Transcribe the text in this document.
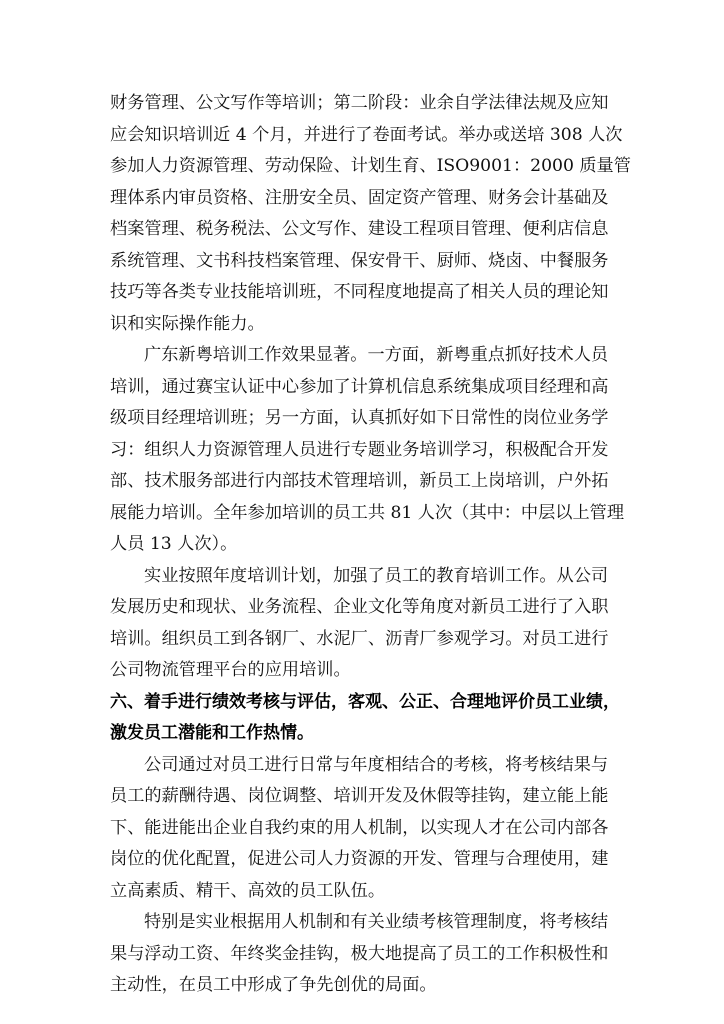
财务管理、公文写作等培训；第二阶段：业余自学法律法规及应知
应会知识培训近 4 个月，并进行了卷面考试。举办或送培 308 人次
参加人力资源管理、劳动保险、计划生育、ISO9001：2000 质量管
理体系内审员资格、注册安全员、固定资产管理、财务会计基础及
档案管理、税务税法、公文写作、建设工程项目管理、便利店信息
系统管理、文书科技档案管理、保安骨干、厨师、烧卤、中餐服务
技巧等各类专业技能培训班，不同程度地提高了相关人员的理论知
识和实际操作能力。
广东新粤培训工作效果显著。一方面，新粤重点抓好技术人员
培训，通过赛宝认证中心参加了计算机信息系统集成项目经理和高
级项目经理培训班；另一方面，认真抓好如下日常性的岗位业务学
习：组织人力资源管理人员进行专题业务培训学习，积极配合开发
部、技术服务部进行内部技术管理培训，新员工上岗培训，户外拓
展能力培训。全年参加培训的员工共 81 人次（其中：中层以上管理
人员 13 人次）。
实业按照年度培训计划，加强了员工的教育培训工作。从公司
发展历史和现状、业务流程、企业文化等角度对新员工进行了入职
培训。组织员工到各钢厂、水泥厂、沥青厂参观学习。对员工进行
公司物流管理平台的应用培训。
六、着手进行绩效考核与评估，客观、公正、合理地评价员工业绩，
激发员工潜能和工作热情。
公司通过对员工进行日常与年度相结合的考核，将考核结果与
员工的薪酬待遇、岗位调整、培训开发及休假等挂钩，建立能上能
下、能进能出企业自我约束的用人机制，以实现人才在公司内部各
岗位的优化配置，促进公司人力资源的开发、管理与合理使用，建
立高素质、精干、高效的员工队伍。
特别是实业根据用人机制和有关业绩考核管理制度，将考核结
果与浮动工资、年终奖金挂钩，极大地提高了员工的工作积极性和
主动性，在员工中形成了争先创优的局面。
